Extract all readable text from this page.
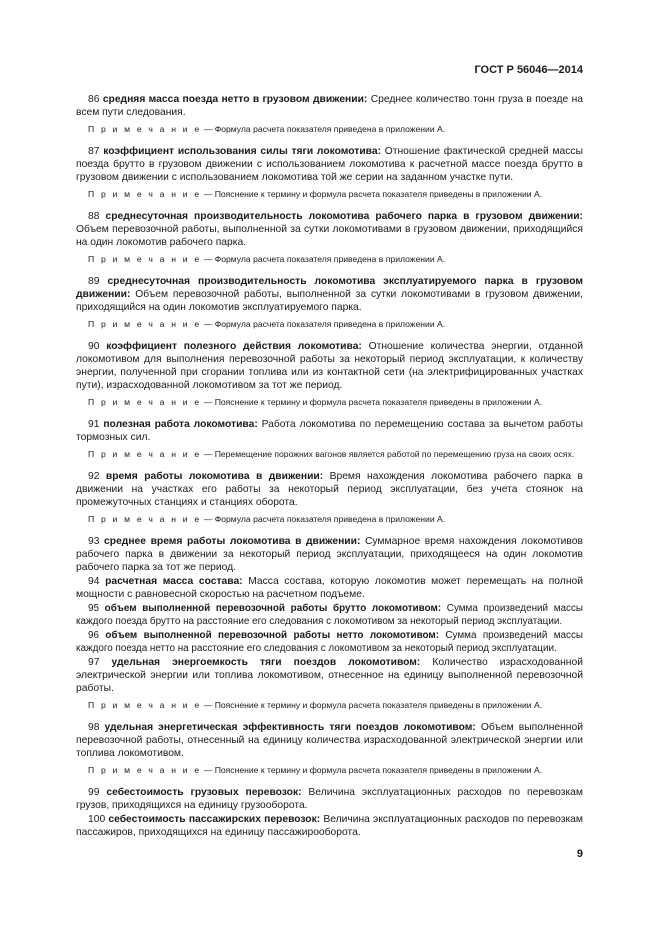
ГОСТ Р 56046—2014

86 средняя масса поезда нетто в грузовом движении: Среднее количество тонн груза в поезде на всем пути следования.

П р и м е ч а н и е — Формула расчета показателя приведена в приложении А.

87 коэффициент использования силы тяги локомотива: Отношение фактической средней массы поезда брутто в грузовом движении с использованием локомотива к расчетной массе поезда брутто в грузовом движении с использованием локомотива той же серии на заданном участке пути.

П р и м е ч а н и е — Пояснение к термину и формула расчета показателя приведены в приложении А.

88 среднесуточная производительность локомотива рабочего парка в грузовом движении: Объем перевозочной работы, выполненной за сутки локомотивами в грузовом движении, приходящийся на один локомотив рабочего парка.

П р и м е ч а н и е — Формула расчета показателя приведена в приложении А.

89 среднесуточная производительность локомотива эксплуатируемого парка в грузовом движении: Объем перевозочной работы, выполненной за сутки локомотивами в грузовом движении, приходящийся на один локомотив эксплуатируемого парка.

П р и м е ч а н и е — Формула расчета показателя приведена в приложении А.

90 коэффициент полезного действия локомотива: Отношение количества энергии, отданной локомотивом для выполнения перевозочной работы за некоторый период эксплуатации, к количеству энергии, полученной при сгорании топлива или из контактной сети (на электрифицированных участках пути), израсходованной локомотивом за тот же период.

П р и м е ч а н и е — Пояснение к термину и формула расчета показателя приведены в приложении А.

91 полезная работа локомотива: Работа локомотива по перемещению состава за вычетом работы тормозных сил.

П р и м е ч а н и е — Перемещение порожних вагонов является работой по перемещению груза на своих осях.

92 время работы локомотива в движении: Время нахождения локомотива рабочего парка в движении на участках его работы за некоторый период эксплуатации, без учета стоянок на промежуточных станциях и станциях оборота.

П р и м е ч а н и е — Формула расчета показателя приведена в приложении А.

93 среднее время работы локомотива в движении: Суммарное время нахождения локомотивов рабочего парка в движении за некоторый период эксплуатации, приходящееся на один локомотив рабочего парка за тот же период.

94 расчетная масса состава: Масса состава, которую локомотив может перемещать на полной мощности с равновесной скоростью на расчетном подъеме.

95 объем выполненной перевозочной работы брутто локомотивом: Сумма произведений массы каждого поезда брутто на расстояние его следования с локомотивом за некоторый период эксплуатации.

96 объем выполненной перевозочной работы нетто локомотивом: Сумма произведений массы каждого поезда нетто на расстояние его следования с локомотивом за некоторый период эксплуатации.

97 удельная энергоемкость тяги поездов локомотивом: Количество израсходованной электрической энергии или топлива локомотивом, отнесенное на единицу выполненной перевозочной работы.

П р и м е ч а н и е — Пояснение к термину и формула расчета показателя приведены в приложении А.

98 удельная энергетическая эффективность тяги поездов локомотивом: Объем выполненной перевозочной работы, отнесенный на единицу количества израсходованной электрической энергии или топлива локомотивом.

П р и м е ч а н и е — Пояснение к термину и формула расчета показателя приведены в приложении А.

99 себестоимость грузовых перевозок: Величина эксплуатационных расходов по перевозкам грузов, приходящихся на единицу грузооборота.

100 себестоимость пассажирских перевозок: Величина эксплуатационных расходов по перевозкам пассажиров, приходящихся на единицу пассажирооборота.

9
